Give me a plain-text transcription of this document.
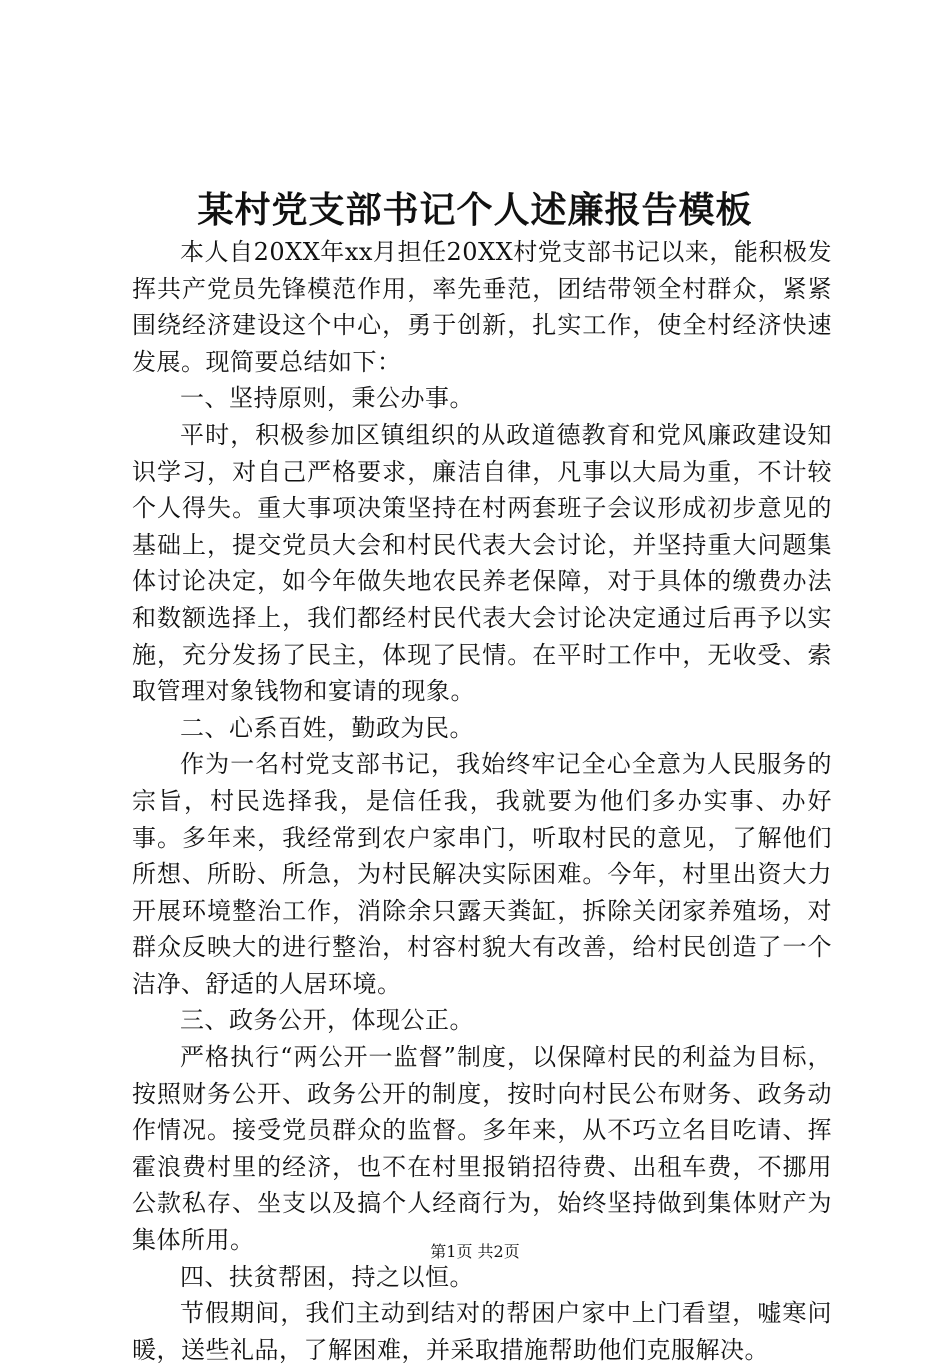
某村党支部书记个人述廉报告模板

本人自20XX年xx月担任20XX村党支部书记以来，能积极发挥共产党员先锋模范作用，率先垂范，团结带领全村群众，紧紧围绕经济建设这个中心，勇于创新，扎实工作，使全村经济快速发展。现简要总结如下：

一、坚持原则，秉公办事。

平时，积极参加区镇组织的从政道德教育和党风廉政建设知识学习，对自己严格要求，廉洁自律，凡事以大局为重，不计较个人得失。重大事项决策坚持在村两套班子会议形成初步意见的基础上，提交党员大会和村民代表大会讨论，并坚持重大问题集体讨论决定，如今年做失地农民养老保障，对于具体的缴费办法和数额选择上，我们都经村民代表大会讨论决定通过后再予以实施，充分发扬了民主，体现了民情。在平时工作中，无收受、索取管理对象钱物和宴请的现象。

二、心系百姓，勤政为民。

作为一名村党支部书记，我始终牢记全心全意为人民服务的宗旨，村民选择我，是信任我，我就要为他们多办实事、办好事。多年来，我经常到农户家串门，听取村民的意见，了解他们所想、所盼、所急，为村民解决实际困难。今年，村里出资大力开展环境整治工作，消除余只露天粪缸，拆除关闭家养殖场，对群众反映大的进行整治，村容村貌大有改善，给村民创造了一个洁净、舒适的人居环境。

三、政务公开，体现公正。

严格执行“两公开一监督”制度，以保障村民的利益为目标，按照财务公开、政务公开的制度，按时向村民公布财务、政务动作情况。接受党员群众的监督。多年来，从不巧立名目吃请、挥霍浪费村里的经济，也不在村里报销招待费、出租车费，不挪用公款私存、坐支以及搞个人经商行为，始终坚持做到集体财产为集体所用。

四、扶贫帮困，持之以恒。

节假期间，我们主动到结对的帮困户家中上门看望，嘘寒问暖，送些礼品，了解困难，并采取措施帮助他们克服解决。

第1页 共2页
